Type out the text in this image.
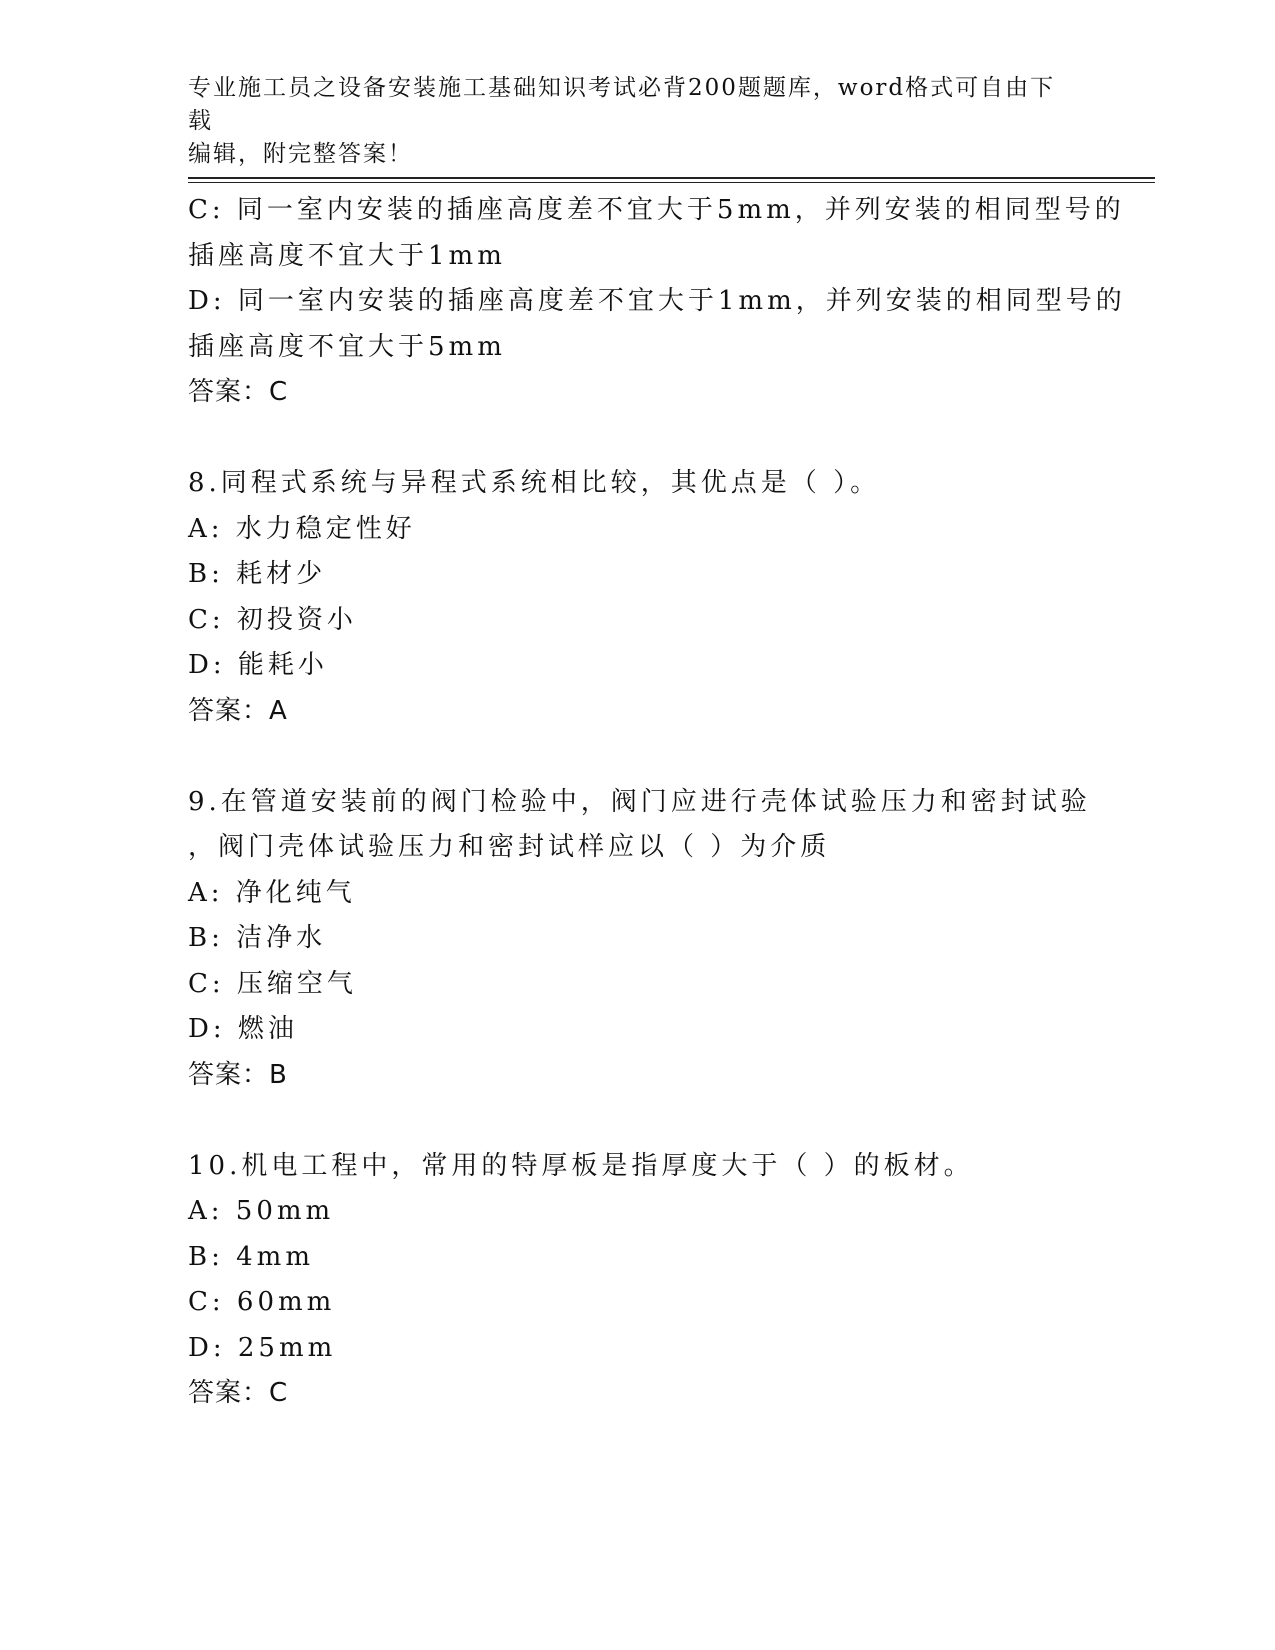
专业施工员之设备安装施工基础知识考试必背200题题库，word格式可自由下载
编辑，附完整答案！
C: 同一室内安装的插座高度差不宜大于5mm，并列安装的相同型号的
插座高度不宜大于1mm
D: 同一室内安装的插座高度差不宜大于1mm，并列安装的相同型号的
插座高度不宜大于5mm
答案：C
8.同程式系统与异程式系统相比较，其优点是（ ）。
A: 水力稳定性好
B: 耗材少
C: 初投资小
D: 能耗小
答案：A
9.在管道安装前的阀门检验中，阀门应进行壳体试验压力和密封试验
，阀门壳体试验压力和密封试样应以（ ）为介质
A: 净化纯气
B: 洁净水
C: 压缩空气
D: 燃油
答案：B
10.机电工程中，常用的特厚板是指厚度大于（ ）的板材。
A: 50mm
B: 4mm
C: 60mm
D: 25mm
答案：C
